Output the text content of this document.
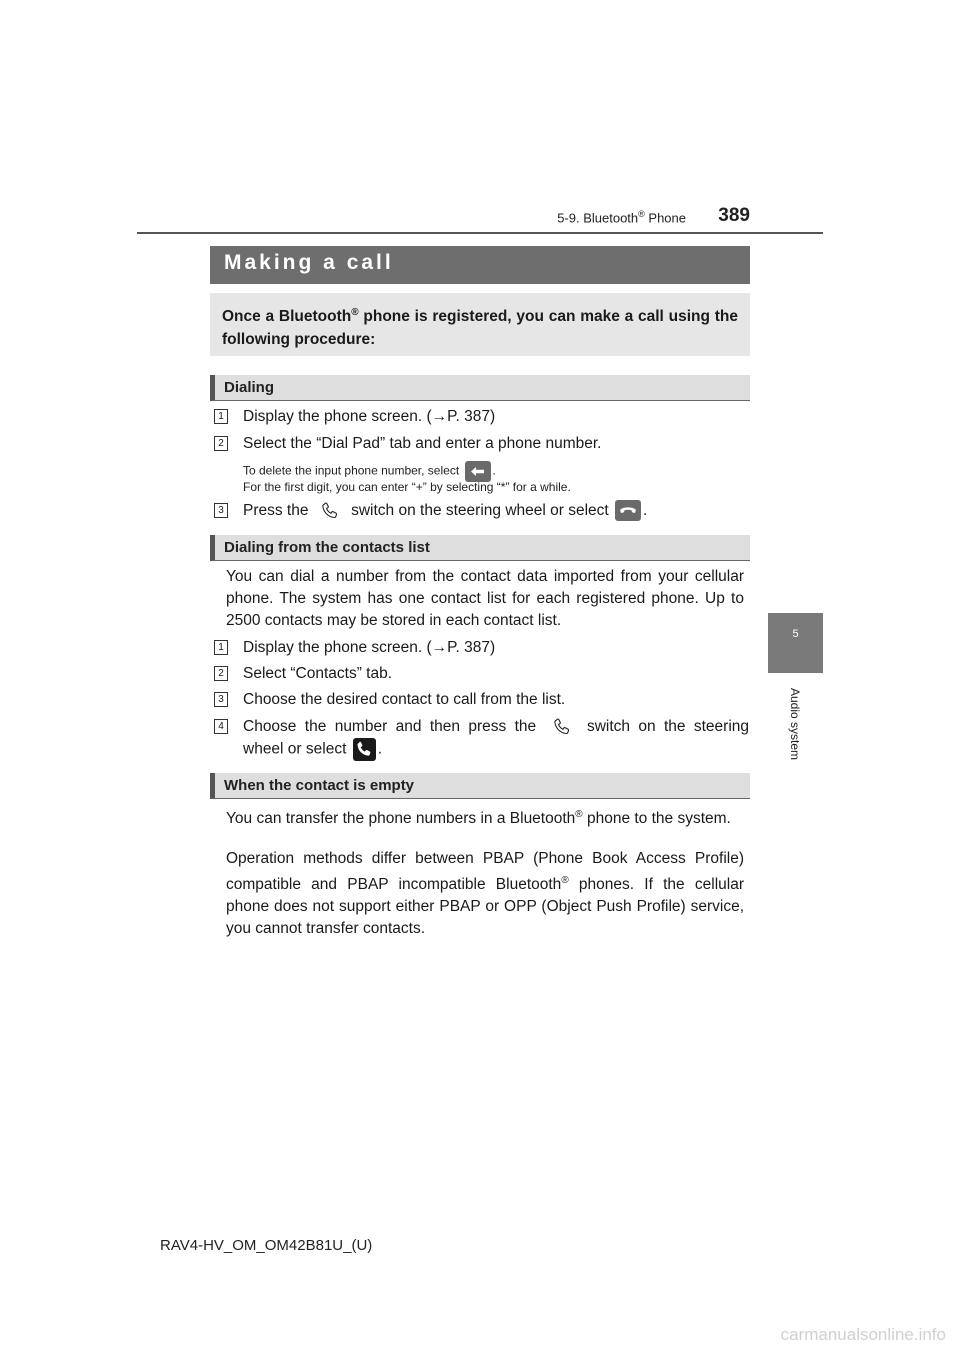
5-9. Bluetooth® Phone 389
5
Audio system
Making a call

Once a Bluetooth® phone is registered, you can make a call using the following procedure:

Dialing
1 Display the phone screen. (→P. 387)
2 Select the “Dial Pad” tab and enter a phone number.
To delete the input phone number, select	.
For the first digit, you can enter “+” by selecting “*” for a while.
3 Press the	switch on the steering wheel or select .
Dialing from the contacts list
You can dial a number from the contact data imported from your cellular phone. The system has one contact list for each registered phone. Up to 2500 contacts may be stored in each contact list.
1 Display the phone screen. (→P. 387)
2 Select “Contacts” tab.
3 Choose the desired contact to call from the list.
4 Choose the number and then press the	switch on the steering wheel or select .
When the contact is empty
You can transfer the phone numbers in a Bluetooth® phone to the system.
Operation methods differ between PBAP (Phone Book Access Profile) compatible and PBAP incompatible Bluetooth® phones. If the cellular phone does not support either PBAP or OPP (Object Push Profile) service, you cannot transfer contacts.
RAV4-HV_OM_OM42B81U_(U)
carmanualsonline.info
